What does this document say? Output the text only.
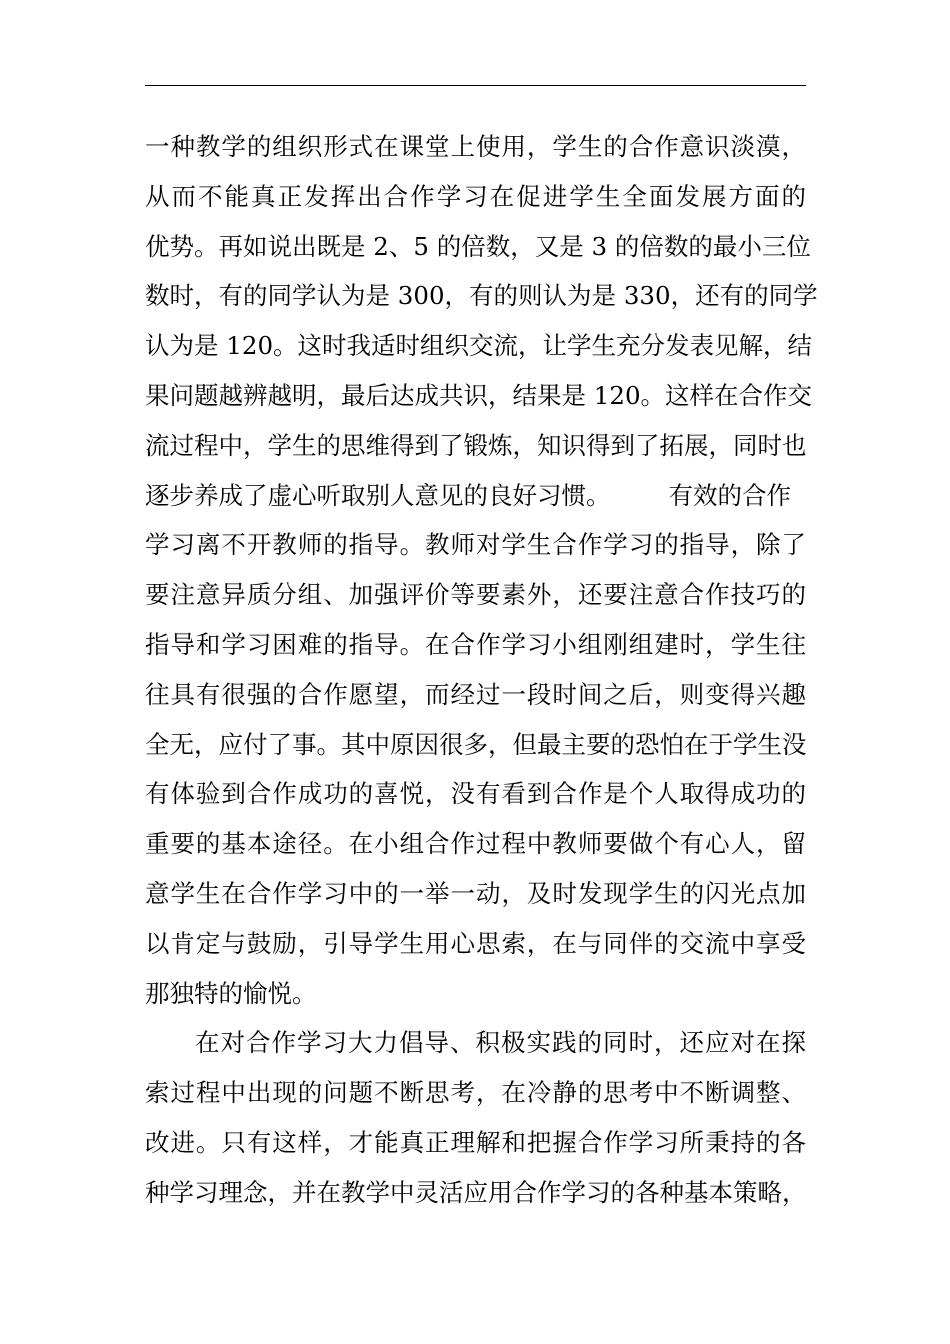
一种教学的组织形式在课堂上使用，学生的合作意识淡漠，
从而不能真正发挥出合作学习在促进学生全面发展方面的
优势。再如说出既是 2、5 的倍数，又是 3 的倍数的最小三位
数时，有的同学认为是 300，有的则认为是 330，还有的同学
认为是 120。这时我适时组织交流，让学生充分发表见解，结
果问题越辨越明，最后达成共识，结果是 120。这样在合作交
流过程中，学生的思维得到了锻炼，知识得到了拓展，同时也

逐步养成了虚心听取别人意见的良好习惯。 有效的合作
学习离不开教师的指导。教师对学生合作学习的指导，除了
要注意异质分组、加强评价等要素外，还要注意合作技巧的
指导和学习困难的指导。在合作学习小组刚组建时，学生往
往具有很强的合作愿望，而经过一段时间之后，则变得兴趣
全无，应付了事。其中原因很多，但最主要的恐怕在于学生没
有体验到合作成功的喜悦，没有看到合作是个人取得成功的
重要的基本途径。在小组合作过程中教师要做个有心人，留
意学生在合作学习中的一举一动，及时发现学生的闪光点加
以肯定与鼓励，引导学生用心思索，在与同伴的交流中享受
那独特的愉悦。

在对合作学习大力倡导、积极实践的同时，还应对在探
索过程中出现的问题不断思考，在冷静的思考中不断调整、
改进。只有这样，才能真正理解和把握合作学习所秉持的各
种学习理念，并在教学中灵活应用合作学习的各种基本策略，
